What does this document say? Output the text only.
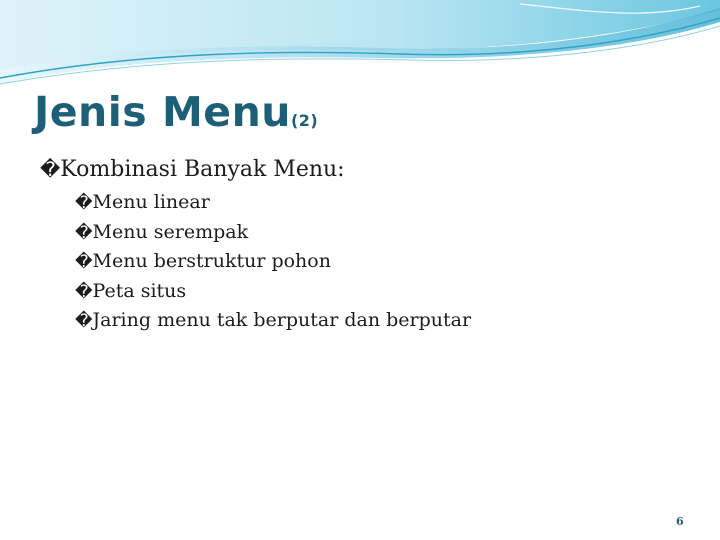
Jenis Menu(2)
�Kombinasi Banyak Menu:
�Menu linear
�Menu serempak
�Menu berstruktur pohon
�Peta situs
�Jaring menu tak berputar dan berputar
6
